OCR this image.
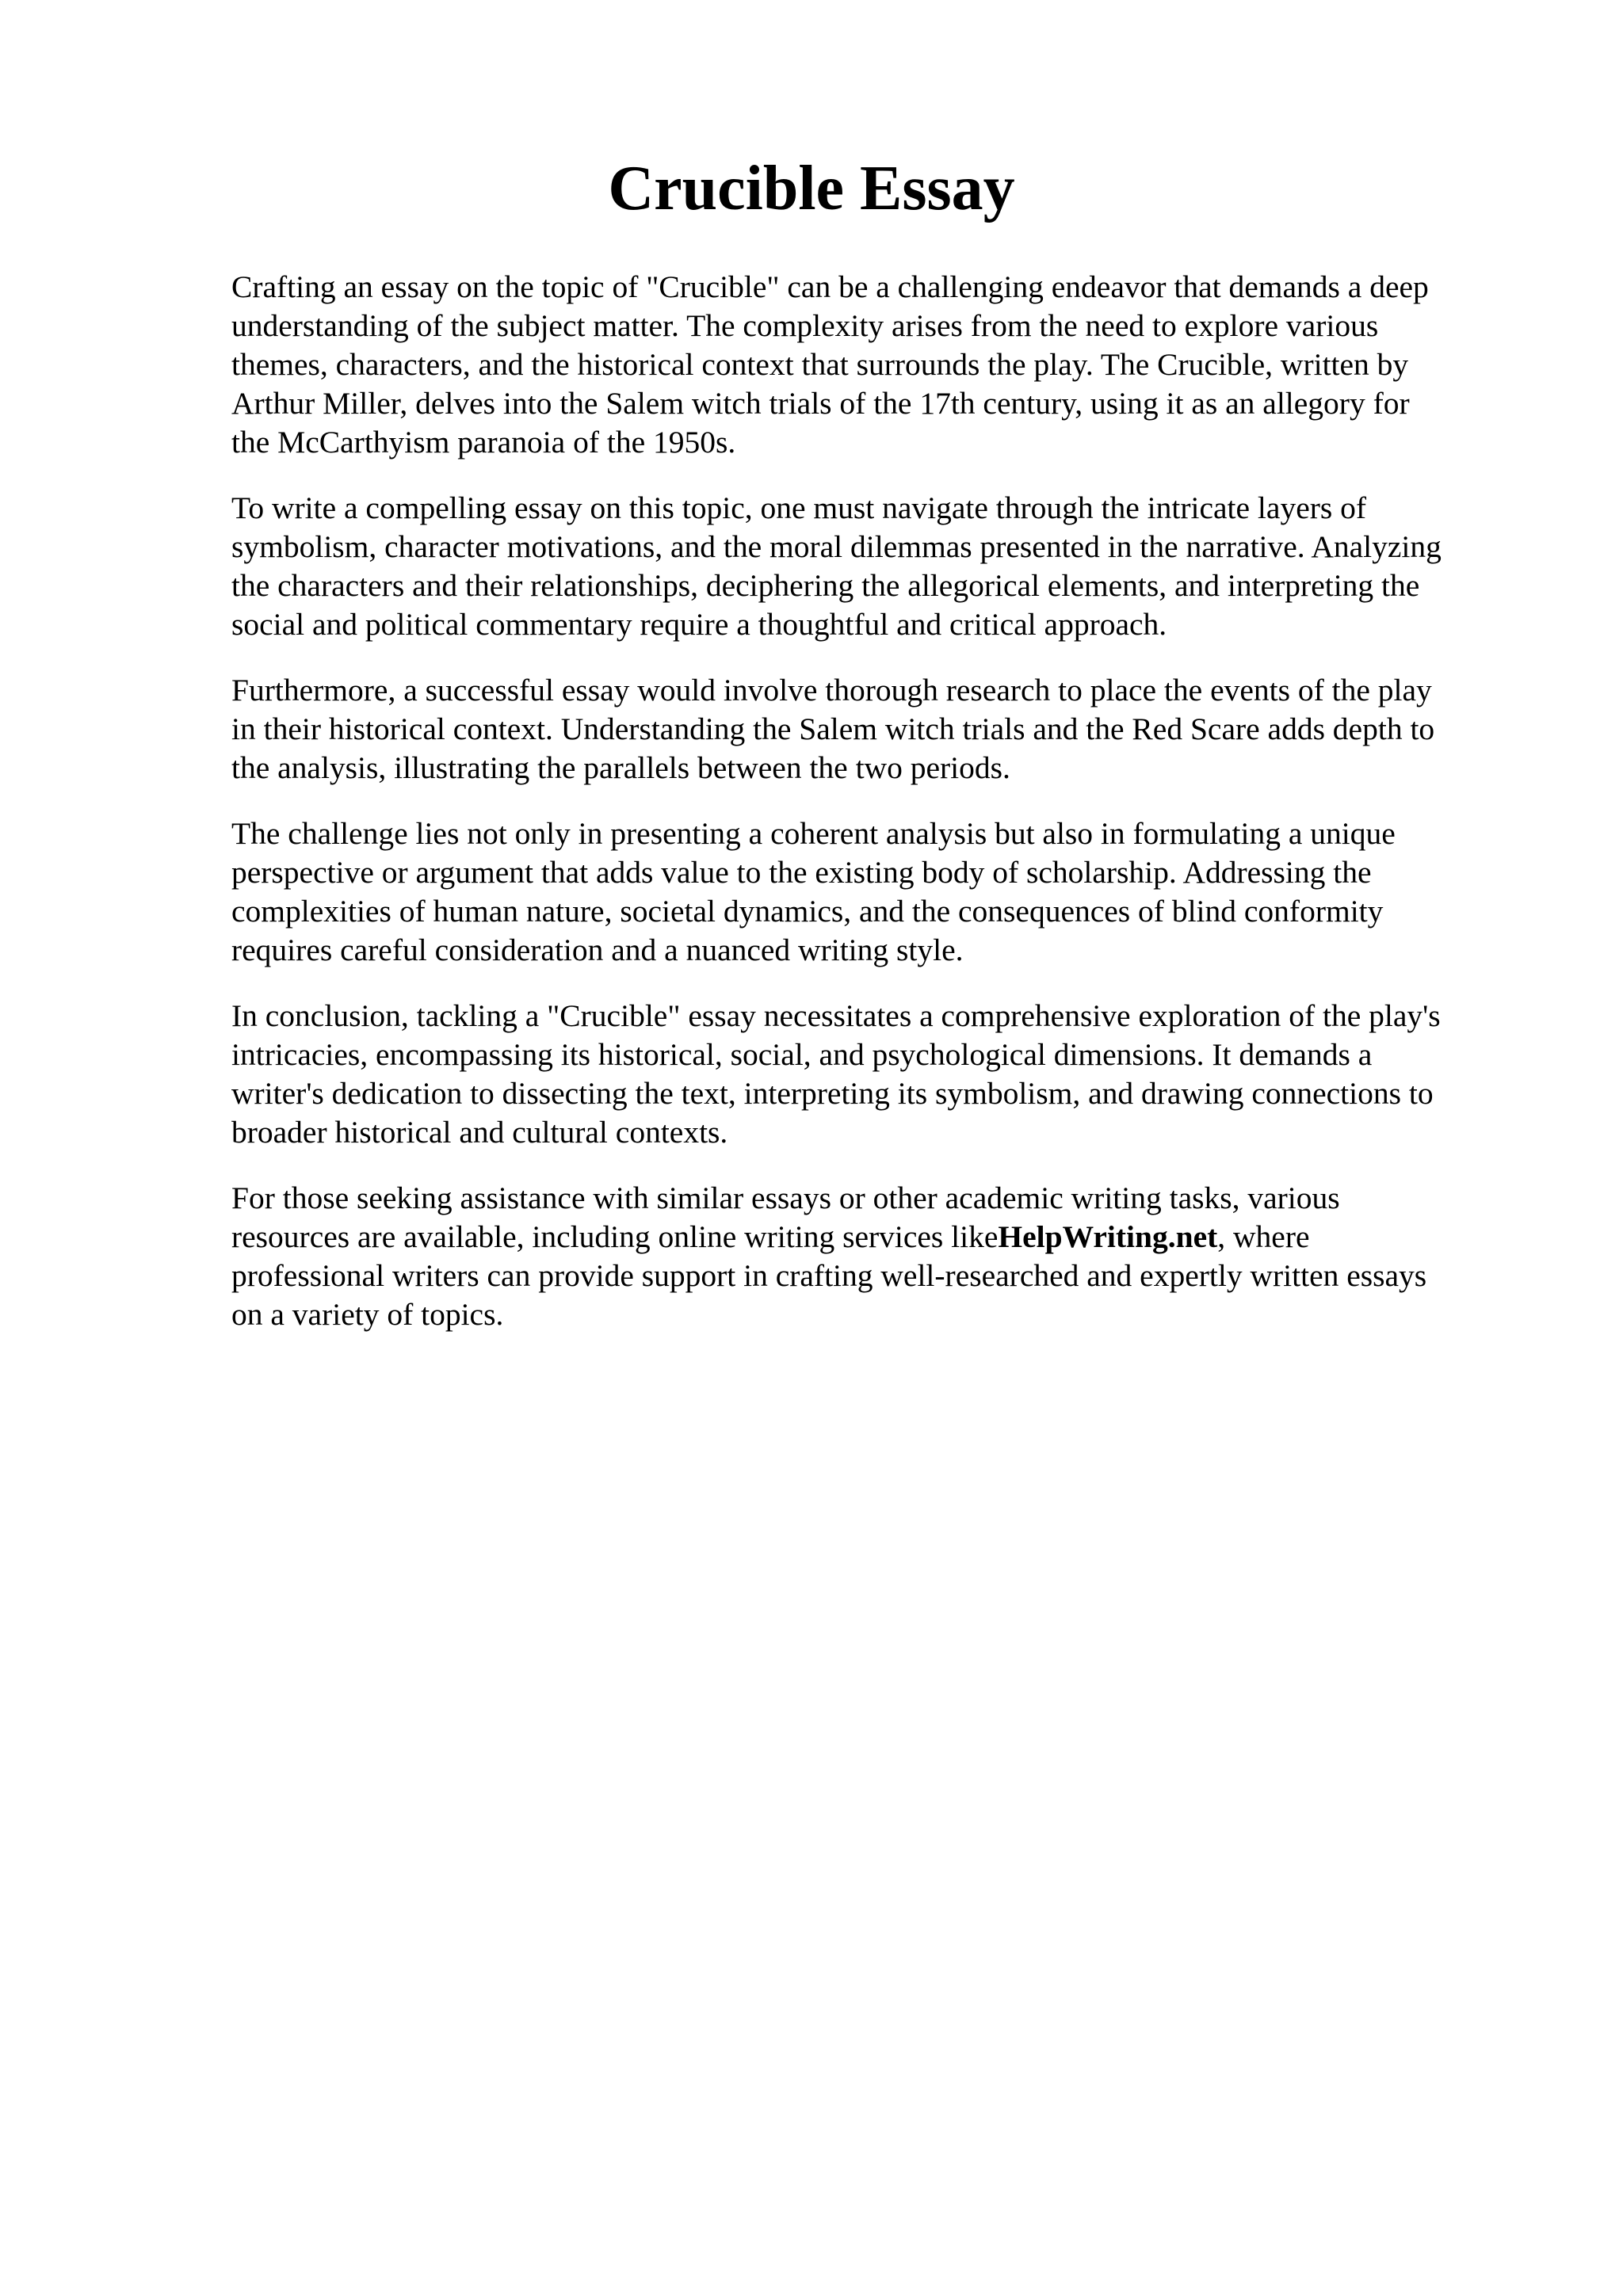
Crucible Essay

Crafting an essay on the topic of "Crucible" can be a challenging endeavor that demands a deep
understanding of the subject matter. The complexity arises from the need to explore various
themes, characters, and the historical context that surrounds the play. The Crucible, written by
Arthur Miller, delves into the Salem witch trials of the 17th century, using it as an allegory for
the McCarthyism paranoia of the 1950s.

To write a compelling essay on this topic, one must navigate through the intricate layers of
symbolism, character motivations, and the moral dilemmas presented in the narrative. Analyzing
the characters and their relationships, deciphering the allegorical elements, and interpreting the
social and political commentary require a thoughtful and critical approach.

Furthermore, a successful essay would involve thorough research to place the events of the play
in their historical context. Understanding the Salem witch trials and the Red Scare adds depth to
the analysis, illustrating the parallels between the two periods.

The challenge lies not only in presenting a coherent analysis but also in formulating a unique
perspective or argument that adds value to the existing body of scholarship. Addressing the
complexities of human nature, societal dynamics, and the consequences of blind conformity
requires careful consideration and a nuanced writing style.

In conclusion, tackling a "Crucible" essay necessitates a comprehensive exploration of the play's
intricacies, encompassing its historical, social, and psychological dimensions. It demands a
writer's dedication to dissecting the text, interpreting its symbolism, and drawing connections to
broader historical and cultural contexts.

For those seeking assistance with similar essays or other academic writing tasks, various
resources are available, including online writing services likeHelpWriting.net, where
professional writers can provide support in crafting well-researched and expertly written essays
on a variety of topics.
